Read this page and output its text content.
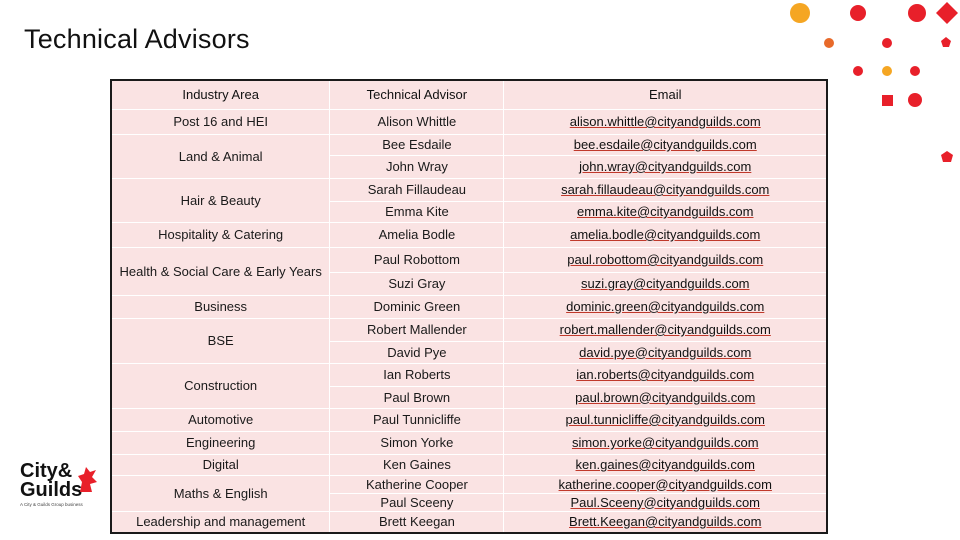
Technical Advisors
Industry Area	Technical Advisor	Email
Post 16 and HEI	Alison Whittle	alison.whittle@cityandguilds.com
Land & Animal	Bee Esdaile	bee.esdaile@cityandguilds.com
	John Wray	john.wray@cityandguilds.com
Hair & Beauty	Sarah Fillaudeau	sarah.fillaudeau@cityandguilds.com
	Emma Kite	emma.kite@cityandguilds.com
Hospitality & Catering	Amelia Bodle	amelia.bodle@cityandguilds.com
Health & Social Care & Early Years	Paul Robottom	paul.robottom@cityandguilds.com
	Suzi Gray	suzi.gray@cityandguilds.com
Business	Dominic Green	dominic.green@cityandguilds.com
BSE	Robert Mallender	robert.mallender@cityandguilds.com
	David Pye	david.pye@cityandguilds.com
Construction	Ian Roberts	ian.roberts@cityandguilds.com
	Paul Brown	paul.brown@cityandguilds.com
Automotive	Paul Tunnicliffe	paul.tunnicliffe@cityandguilds.com
Engineering	Simon Yorke	simon.yorke@cityandguilds.com
Digital	Ken Gaines	ken.gaines@cityandguilds.com
Maths & English	Katherine Cooper	katherine.cooper@cityandguilds.com
	Paul Sceeny	Paul.Sceeny@cityandguilds.com
Leadership and management	Brett Keegan	Brett.Keegan@cityandguilds.com
City&
Guilds
A City & Guilds Group business
